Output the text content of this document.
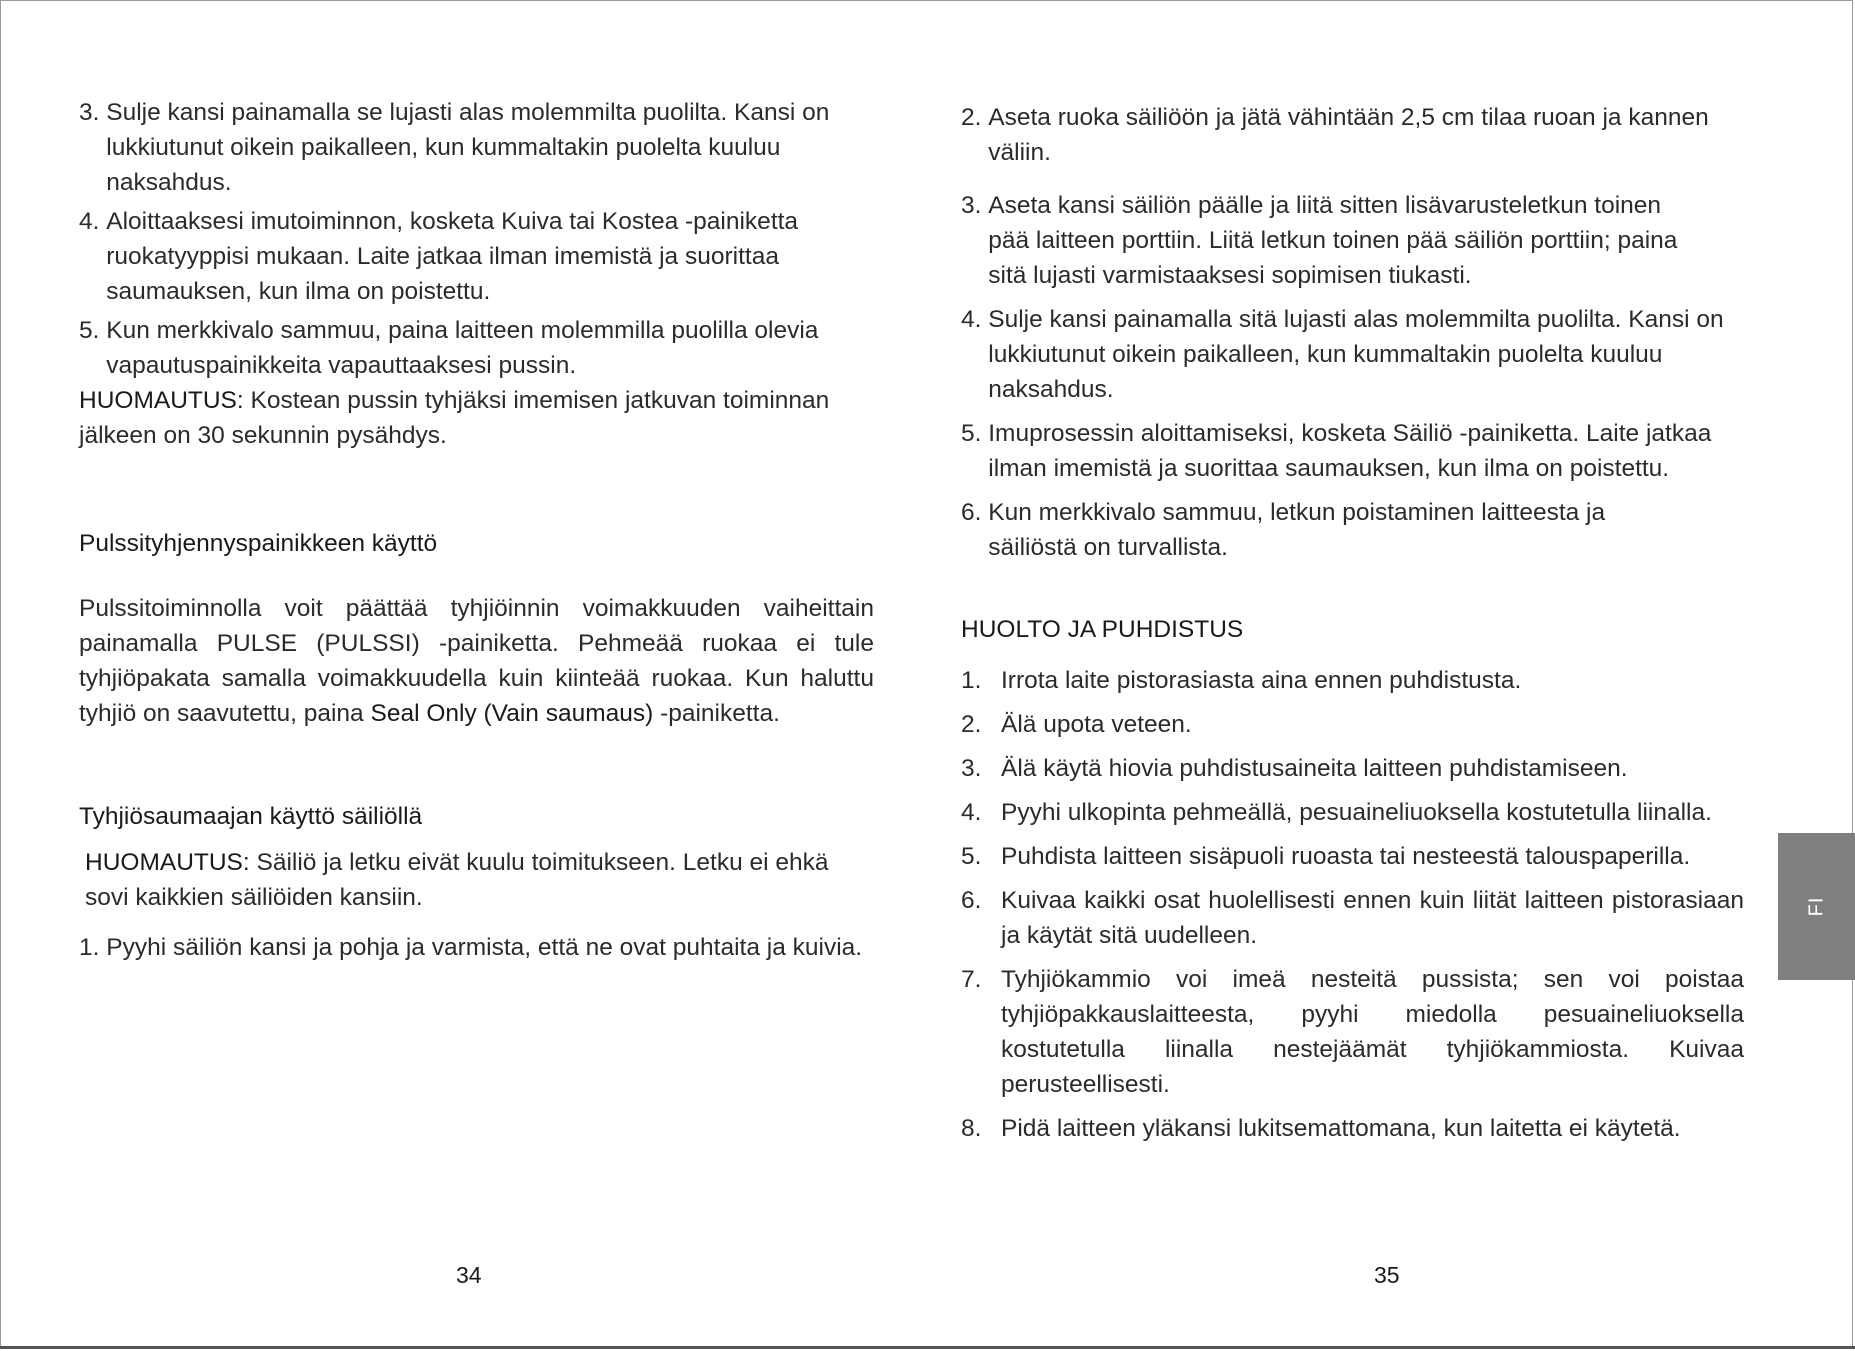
3. Sulje kansi painamalla se lujasti alas molemmilta puolilta. Kansi on lukkiutunut oikein paikalleen, kun kummaltakin puolelta kuuluu naksahdus.
4. Aloittaaksesi imutoiminnon, kosketa Kuiva tai Kostea -painiketta ruokatyyppisi mukaan. Laite jatkaa ilman imemistä ja suorittaa saumauksen, kun ilma on poistettu.
5. Kun merkkivalo sammuu, paina laitteen molemmilla puolilla olevia vapautuspainikkeita vapauttaaksesi pussin.

HUOMAUTUS: Kostean pussin tyhjäksi imemisen jatkuvan toiminnan jälkeen on 30 sekunnin pysähdys.

Pulssityhjennyspainikkeen käyttö

Pulssitoiminnolla voit päättää tyhjiöinnin voimakkuuden vaiheittain painamalla PULSE (PULSSI) -painiketta. Pehmeää ruokaa ei tule tyhjiöpakata samalla voimakkuudella kuin kiinteää ruokaa. Kun haluttu tyhjiö on saavutettu, paina Seal Only (Vain saumaus) -painiketta.

Tyhjiösaumaajan käyttö säiliöllä

HUOMAUTUS: Säiliö ja letku eivät kuulu toimitukseen. Letku ei ehkä sovi kaikkien säiliöiden kansiin.

1. Pyyhi säiliön kansi ja pohja ja varmista, että ne ovat puhtaita ja kuivia.
2. Aseta ruoka säiliöön ja jätä vähintään 2,5 cm tilaa ruoan ja kannen väliin.
3. Aseta kansi säiliön päälle ja liitä sitten lisävarusteletkun toinen pää laitteen porttiin. Liitä letkun toinen pää säiliön porttiin; paina sitä lujasti varmistaaksesi sopimisen tiukasti.
4. Sulje kansi painamalla sitä lujasti alas molemmilta puolilta. Kansi on lukkiutunut oikein paikalleen, kun kummaltakin puolelta kuuluu naksahdus.
5. Imuprosessin aloittamiseksi, kosketa Säiliö -painiketta. Laite jatkaa ilman imemistä ja suorittaa saumauksen, kun ilma on poistettu.
6. Kun merkkivalo sammuu, letkun poistaminen laitteesta ja säiliöstä on turvallista.

HUOLTO JA PUHDISTUS

1. Irrota laite pistorasiasta aina ennen puhdistusta.
2. Älä upota veteen.
3. Älä käytä hiovia puhdistusaineita laitteen puhdistamiseen.
4. Pyyhi ulkopinta pehmeällä, pesuaineliuoksella kostutetulla liinalla.
5. Puhdista laitteen sisäpuoli ruoasta tai nesteestä talouspaperilla.
6. Kuivaa kaikki osat huolellisesti ennen kuin liität laitteen pistorasiaan ja käytät sitä uudelleen.
7. Tyhjiökammio voi imeä nesteitä pussista; sen voi poistaa tyhjiöpakkauslaitteesta, pyyhi miedolla pesuaineliuoksella kostutetulla liinalla nestejäämät tyhjiökammiosta. Kuivaa perusteellisesti.
8. Pidä laitteen yläkansi lukitsemattomana, kun laitetta ei käytetä.
34	35
FI
